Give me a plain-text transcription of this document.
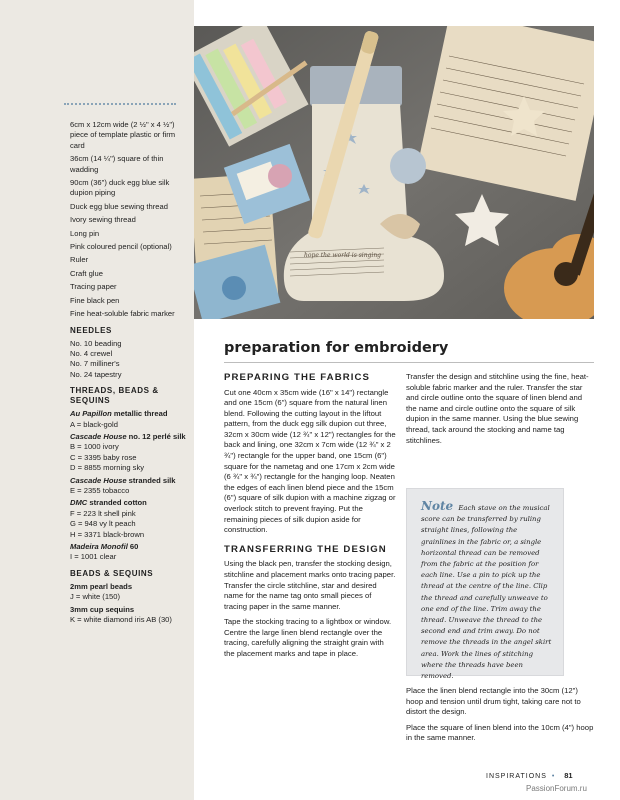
6cm x 12cm wide (2 ½" x 4 ½") piece of template plastic or firm card
36cm (14 ¼") square of thin wadding
90cm (36") duck egg blue silk dupion piping
Duck egg blue sewing thread
Ivory sewing thread
Long pin
Pink coloured pencil (optional)
Ruler
Craft glue
Tracing paper
Fine black pen
Fine heat-soluble fabric marker
NEEDLES
No. 10 beading
No. 4 crewel
No. 7 milliner's
No. 24 tapestry
THREADS, BEADS & SEQUINS
Au Papillon metallic thread
A = black-gold
Cascade House no. 12 perlé silk
B = 1000 ivory
C = 3395 baby rose
D = 8855 morning sky
Cascade House stranded silk
E = 2355 tobacco
DMC stranded cotton
F = 223 lt shell pink
G = 948 vy lt peach
H = 3371 black-brown
Madeira Monofil 60
I = 1001 clear
BEADS & SEQUINS
2mm pearl beads
J = white (150)
3mm cup sequins
K = white diamond iris AB (30)
hope the world is singing
preparation for embroidery
PREPARING THE FABRICS

Cut one 40cm x 35cm wide (16" x 14") rectangle and one 15cm (6") square from the natural linen blend. Following the cutting layout in the liftout pattern, from the duck egg silk dupion cut three, 32cm x 30cm wide (12 ¾" x 12") rectangles for the back and lining, one 32cm x 7cm wide (12 ¾" x 2 ¾") rectangle for the upper band, one 15cm (6") square for the nametag and one 17cm x 2cm wide (6 ¾" x ¾") rectangle for the hanging loop. Neaten the edges of each linen blend piece and the 15cm (6") square of silk dupion with a machine zigzag or overlock stitch to prevent fraying. Put the remaining pieces of silk dupion aside for construction.

TRANSFERRING THE DESIGN

Using the black pen, transfer the stocking design, stitchline and placement marks onto tracing paper. Transfer the circle stitchline, star and desired name for the name tag onto small pieces of tracing paper in the same manner.

Tape the stocking tracing to a lightbox or window. Centre the large linen blend rectangle over the tracing, carefully aligning the straight grain with the placement marks and tape in place.

Transfer the design and stitchline using the fine, heat-soluble fabric marker and the ruler. Transfer the star and circle outline onto the square of linen blend and the name and circle outline onto the square of silk dupion in the same manner. Using the blue sewing thread, tack around the stocking and name tag stitchlines.

Note Each stave on the musical score can be transferred by ruling straight lines, following the grainlines in the fabric or, a single horizontal thread can be removed from the fabric at the position for each line. Use a pin to pick up the thread at the centre of the line. Clip the thread and carefully unweave to one end of the line. Trim away the thread. Unweave the thread to the second end and trim away. Do not remove the threads in the angel skirt area. Work the lines of stitching where the threads have been removed.

Place the linen blend rectangle into the 30cm (12") hoop and tension until drum tight, taking care not to distort the design.

Place the square of linen blend into the 10cm (4") hoop in the same manner.

INSPIRATIONS • 81
PassionForum.ru
